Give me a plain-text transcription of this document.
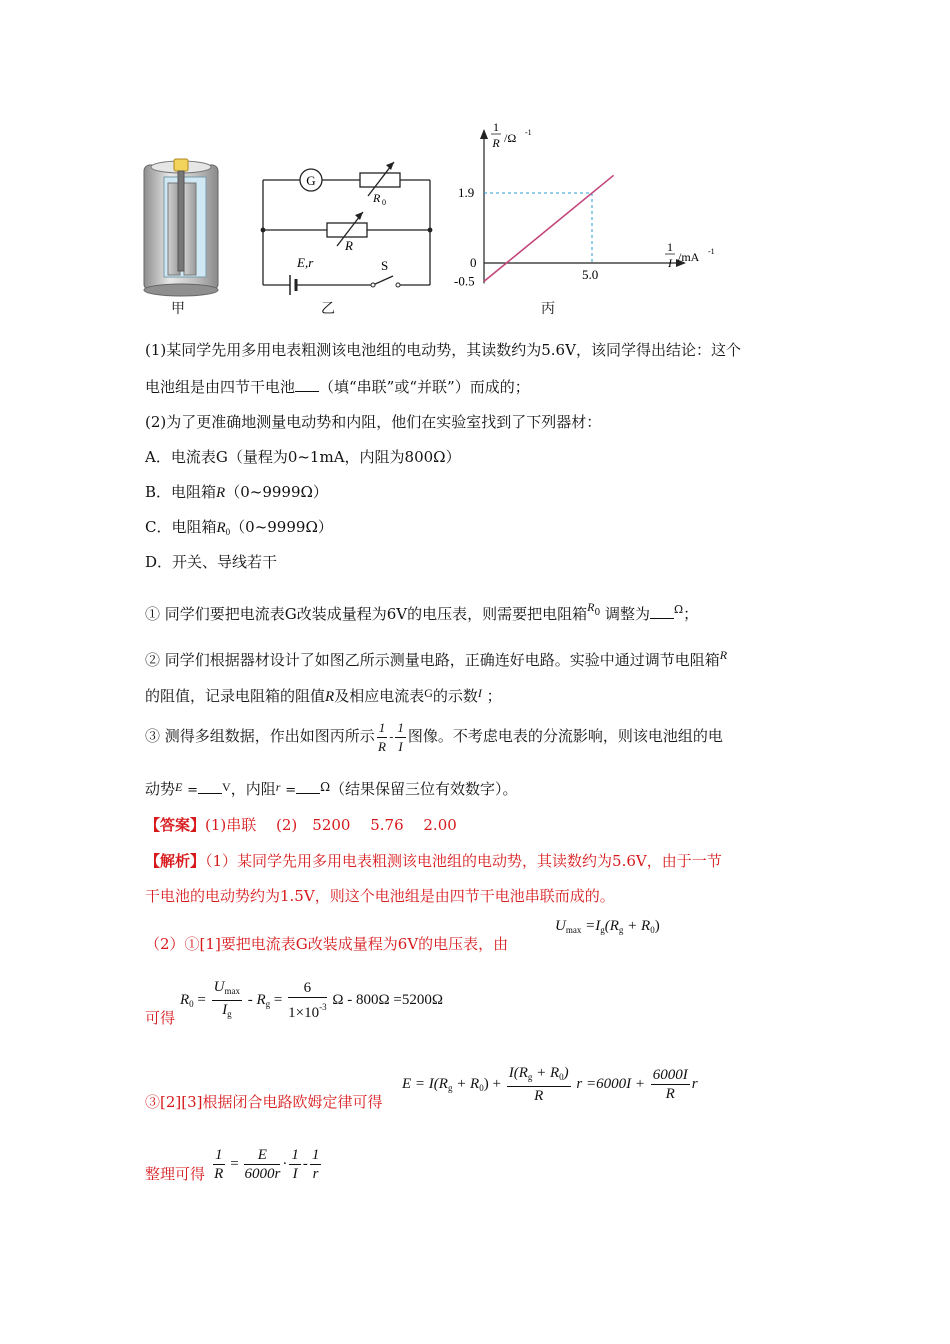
甲
G
R 0
R
E,r	S
乙
1.9
0
-0.5	5.0
1
R /Ω -1
1
I /mA -1
丙
(1)某同学先用多用电表粗测该电池组的电动势，其读数约为5.6V，该同学得出结论：这个
电池组是由四节干电池 （填“串联”或“并联”）而成的；
(2)为了更准确地测量电动势和内阻，他们在实验室找到了下列器材：
A．电流表G（量程为0~1mA，内阻为800Ω）
B．电阻箱R（0~9999Ω）
C．电阻箱$R_0(0\sim 9999\Omega)$
D．开关、导线若干
① 同学们要把电流表G改装成量程为6V的电压表，则需要把电阻箱$^{R0}$ 调整为 $^\Omega$；
② 同学们根据器材设计了如图乙所示测量电路，正确连好电路。实验中通过调节电阻箱$^R$
的阻值，记录电阻箱的阻值R及相应电流表$^G$的示数$^I$ ；
③ 测得多组数据，作出如图丙所示 $\frac{1}{R} - \frac{1}{I}$ 图像。不考虑电表的分流影响，则该电池组的电
动势$^E$ = $^V$，内阻$^r$ = $^\Omega$（结果保留三位有效数字）。
【答案】(1)串联　 (2)　5200　 5.76　 2.00
【解析】（1）某同学先用多用电表粗测该电池组的电动势，其读数约为5.6V，由于一节
干电池的电动势约为1.5V，则这个电池组是由四节干电池串联而成的。
（2）①[1]要把电流表G改装成量程为6V的电压表，由
$U_{max} =I_g(R_g + R_0)$
可得
$R_0 = \frac{U_{max}}{I_g} - R_g = \frac{6}{1\times 10^{-3}}$ Ω - 800Ω =5200Ω
③[2][3]根据闭合电路欧姆定律可得
$E = I(R_g + R_0) + \frac{I(R_g + R_0)}{R}$ $r =6000I + \frac{6000I}{R}$ r
整理可得 $\frac{1}{R} = \frac{E}{6000r} \cdot \frac{1}{I} - \frac{1}{r}$
